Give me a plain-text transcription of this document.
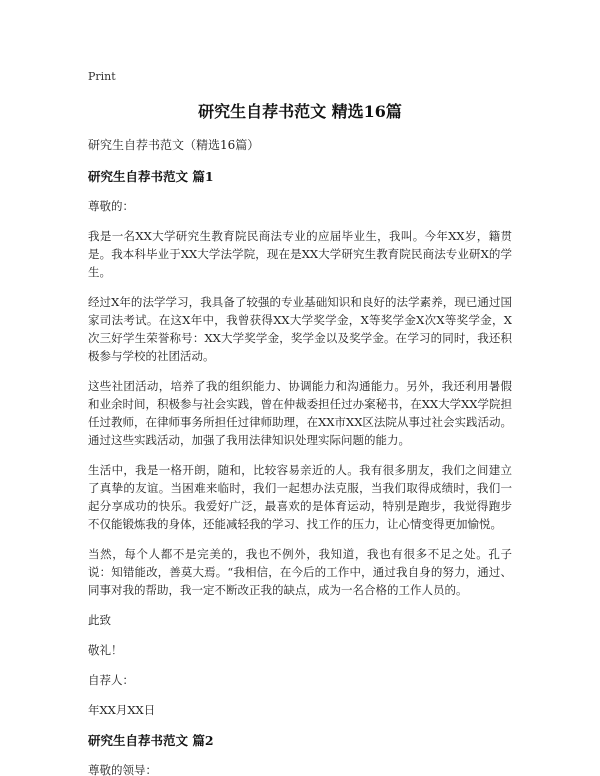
Print
研究生自荐书范文 精选16篇
研究生自荐书范文（精选16篇）
研究生自荐书范文 篇1
尊敬的：
我是一名XX大学研究生教育院民商法专业的应届毕业生，我叫。今年XX岁，籍贯是。我本科毕业于XX大学法学院，现在是XX大学研究生教育院民商法专业研X的学生。
经过X年的法学学习，我具备了较强的专业基础知识和良好的法学素养，现已通过国家司法考试。在这X年中，我曾获得XX大学奖学金，X等奖学金X次X等奖学金，X次三好学生荣誉称号：XX大学奖学金，奖学金以及奖学金。在学习的同时，我还积极参与学校的社团活动。
这些社团活动，培养了我的组织能力、协调能力和沟通能力。另外，我还利用暑假和业余时间，积极参与社会实践，曾在仲裁委担任过办案秘书，在XX大学XX学院担任过教师，在律师事务所担任过律师助理，在XX市XX区法院从事过社会实践活动。通过这些实践活动，加强了我用法律知识处理实际问题的能力。
生活中，我是一格开朗，随和，比较容易亲近的人。我有很多朋友，我们之间建立了真挚的友谊。当困难来临时，我们一起想办法克服，当我们取得成绩时，我们一起分享成功的快乐。我爱好广泛，最喜欢的是体育运动，特别是跑步，我觉得跑步不仅能锻炼我的身体，还能减轻我的学习、找工作的压力，让心情变得更加愉悦。
当然，每个人都不是完美的，我也不例外，我知道，我也有很多不足之处。孔子说：知错能改，善莫大焉。“我相信，在今后的工作中，通过我自身的努力，通过、同事对我的帮助，我一定不断改正我的缺点，成为一名合格的工作人员的。
此致
敬礼！
自荐人：
年XX月XX日
研究生自荐书范文 篇2
尊敬的领导：
